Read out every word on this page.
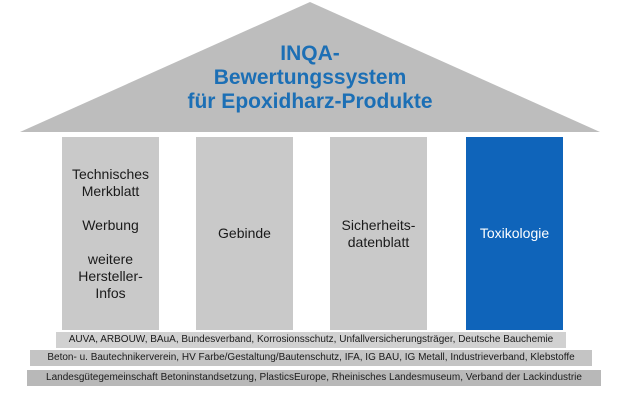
INQA-
Bewertungssystem
für Epoxidharz-Produkte
Technisches
Merkblatt
Werbung
weitere
Hersteller-
Infos
Gebinde
Sicherheits-
datenblatt
Toxikologie
AUVA, ARBOUW, BAuA, Bundesverband, Korrosionsschutz, Unfallversicherungsträger, Deutsche Bauchemie
Beton- u. Bautechnikerverein, HV Farbe/Gestaltung/Bautenschutz, IFA, IG BAU, IG Metall, Industrieverband, Klebstoffe
Landesgütegemeinschaft Betoninstandsetzung, PlasticsEurope, Rheinisches Landesmuseum, Verband der Lackindustrie
